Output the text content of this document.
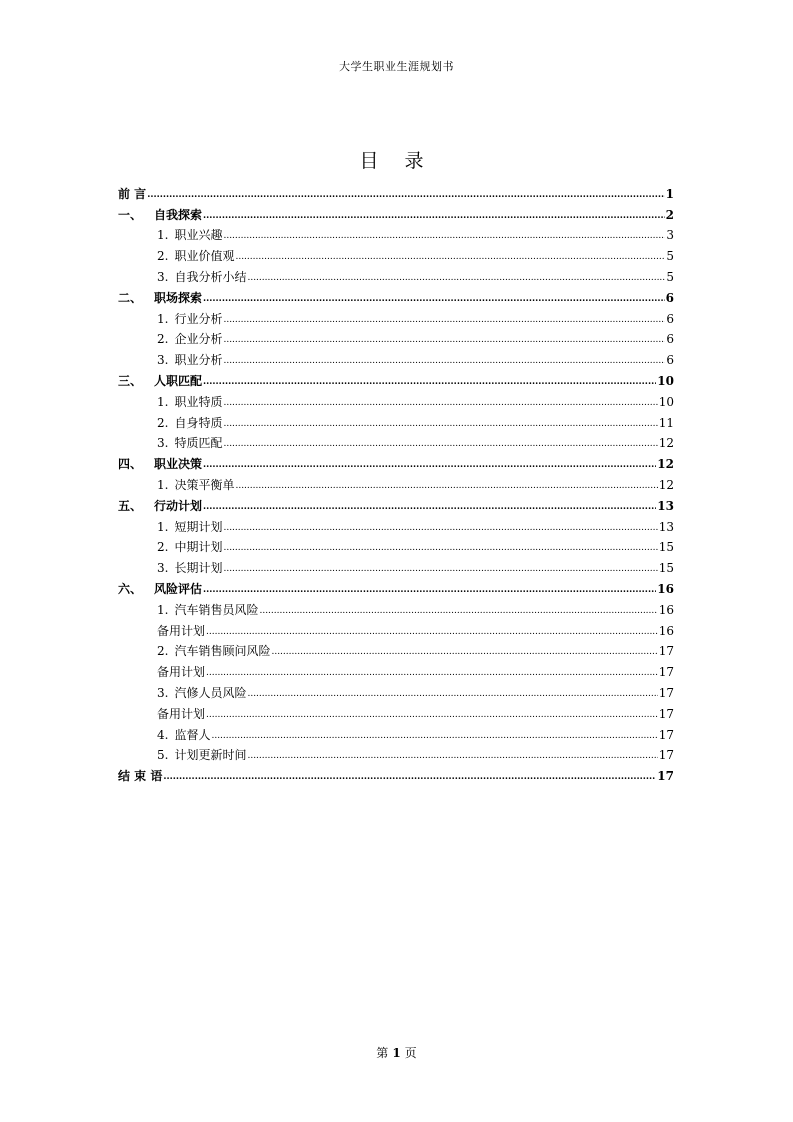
大学生职业生涯规划书
目 录
前 言 .....	1
一、 自我探索 .....	2
1. 职业兴趣 .....	3
2. 职业价值观 .....	5
3. 自我分析小结 .....	5
二、 职场探索 .....	6
1. 行业分析 .....	6
2. 企业分析 .....	6
3. 职业分析 .....	6
三、 人职匹配 .....	10
1. 职业特质 .....	10
2. 自身特质 .....	11
3. 特质匹配 .....	12
四、 职业决策 .....	12
1. 决策平衡单 .....	12
五、 行动计划 .....	13
1. 短期计划 .....	13
2. 中期计划 .....	15
3. 长期计划 .....	15
六、 风险评估 .....	16
1. 汽车销售员风险 .....	16
备用计划 .....	16
2. 汽车销售顾问风险 .....	17
备用计划 .....	17
3. 汽修人员风险 .....	17
备用计划 .....	17
4. 监督人 .....	17
5. 计划更新时间 .....	17
结 束 语 .....	17
第 1 页
